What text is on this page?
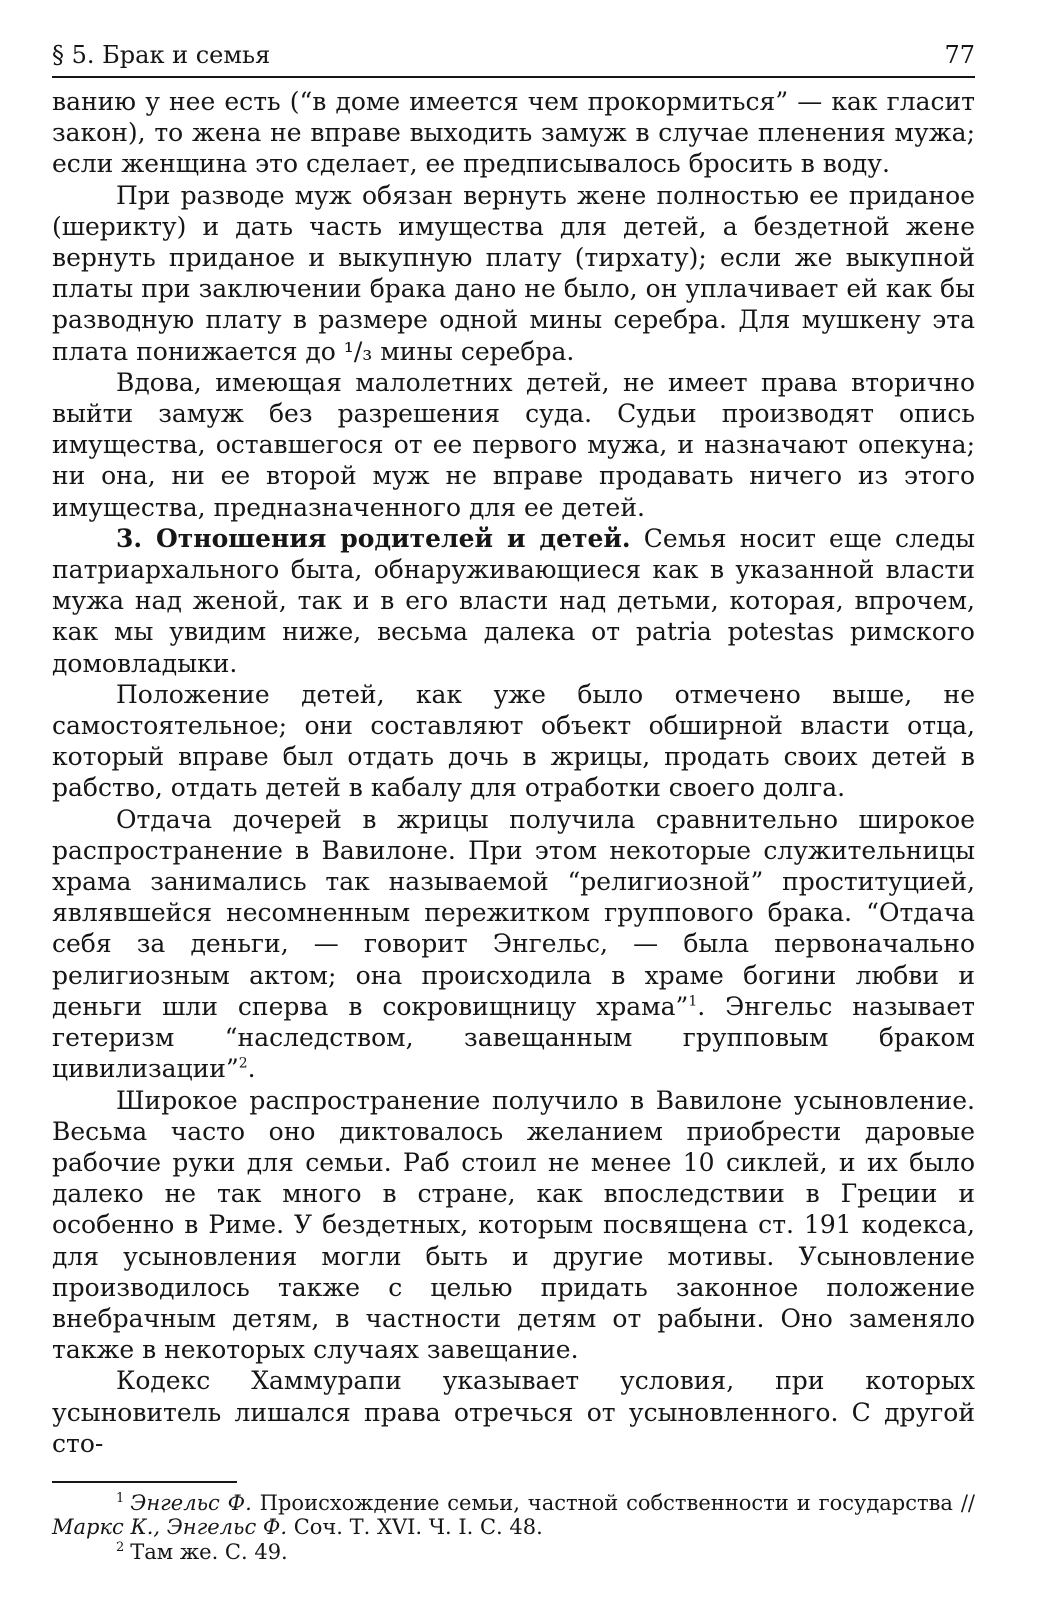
§ 5. Брак и семья	77

ванию у нее есть (“в доме имеется чем прокормиться” — как гласит закон), то жена не вправе выходить замуж в случае пленения мужа; если женщина это сделает, ее предписывалось бросить в воду.

При разводе муж обязан вернуть жене полностью ее приданое (шерикту) и дать часть имущества для детей, а бездетной жене вернуть приданое и выкупную плату (тирхату); если же выкупной платы при заключении брака дано не было, он уплачивает ей как бы разводную плату в размере одной мины серебра. Для мушкену эта плата понижается до ¹/₃ мины серебра.

Вдова, имеющая малолетних детей, не имеет права вторично выйти замуж без разрешения суда. Судьи производят опись имущества, оставшегося от ее первого мужа, и назначают опекуна; ни она, ни ее второй муж не вправе продавать ничего из этого имущества, предназначенного для ее детей.

3. Отношения родителей и детей. Семья носит еще следы патриархального быта, обнаруживающиеся как в указанной власти мужа над женой, так и в его власти над детьми, которая, впрочем, как мы увидим ниже, весьма далека от patria potestas римского домовладыки.

Положение детей, как уже было отмечено выше, не самостоятельное; они составляют объект обширной власти отца, который вправе был отдать дочь в жрицы, продать своих детей в рабство, отдать детей в кабалу для отработки своего долга.

Отдача дочерей в жрицы получила сравнительно широкое распространение в Вавилоне. При этом некоторые служительницы храма занимались так называемой “религиозной” проституцией, являвшейся несомненным пережитком группового брака. “Отдача себя за деньги, — говорит Энгельс, — была первоначально религиозным актом; она происходила в храме богини любви и деньги шли сперва в сокровищницу храма”$^1$. Энгельс называет гетеризм “наследством, завещанным групповым браком цивилизации”$^2$.

Широкое распространение получило в Вавилоне усыновление. Весьма часто оно диктовалось желанием приобрести даровые рабочие руки для семьи. Раб стоил не менее 10 сиклей, и их было далеко не так много в стране, как впоследствии в Греции и особенно в Риме. У бездетных, которым посвящена ст. 191 кодекса, для усыновления могли быть и другие мотивы. Усыновление производилось также с целью придать законное положение внебрачным детям, в частности детям от рабыни. Оно заменяло также в некоторых случаях завещание.

Кодекс Хаммурапи указывает условия, при которых усыновитель лишался права отречься от усыновленного. С другой сто-

$^1$ Энгельс Ф. Происхождение семьи, частной собственности и государства // Маркс К., Энгельс Ф. Соч. Т. XVI. Ч. I. С. 48.

$^2$ Там же. С. 49.
